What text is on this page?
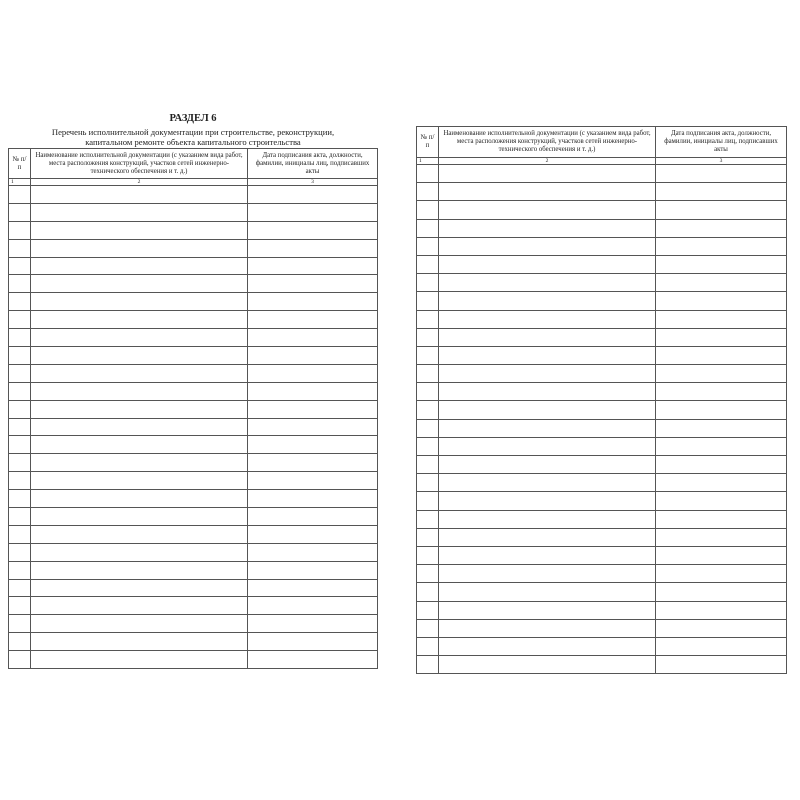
РАЗДЕЛ 6
Перечень исполнительной документации при строительстве, реконструкции,
капитальном ремонте объекта капитального строительства
№ п/п	Наименование исполнительной документации (с указанием вида работ, места расположения конструкций, участков сетей инженерно-технического обеспечения и т. д.)	Дата подписания акта, должности, фамилии, инициалы лиц, подписавших акты
1	2	3

№ п/п	Наименование исполнительной документации (с указанием вида работ, места расположения конструкций, участков сетей инженерно-технического обеспечения и т. д.)	Дата подписания акта, должности, фамилии, инициалы лиц, подписавших акты
1	2	3
